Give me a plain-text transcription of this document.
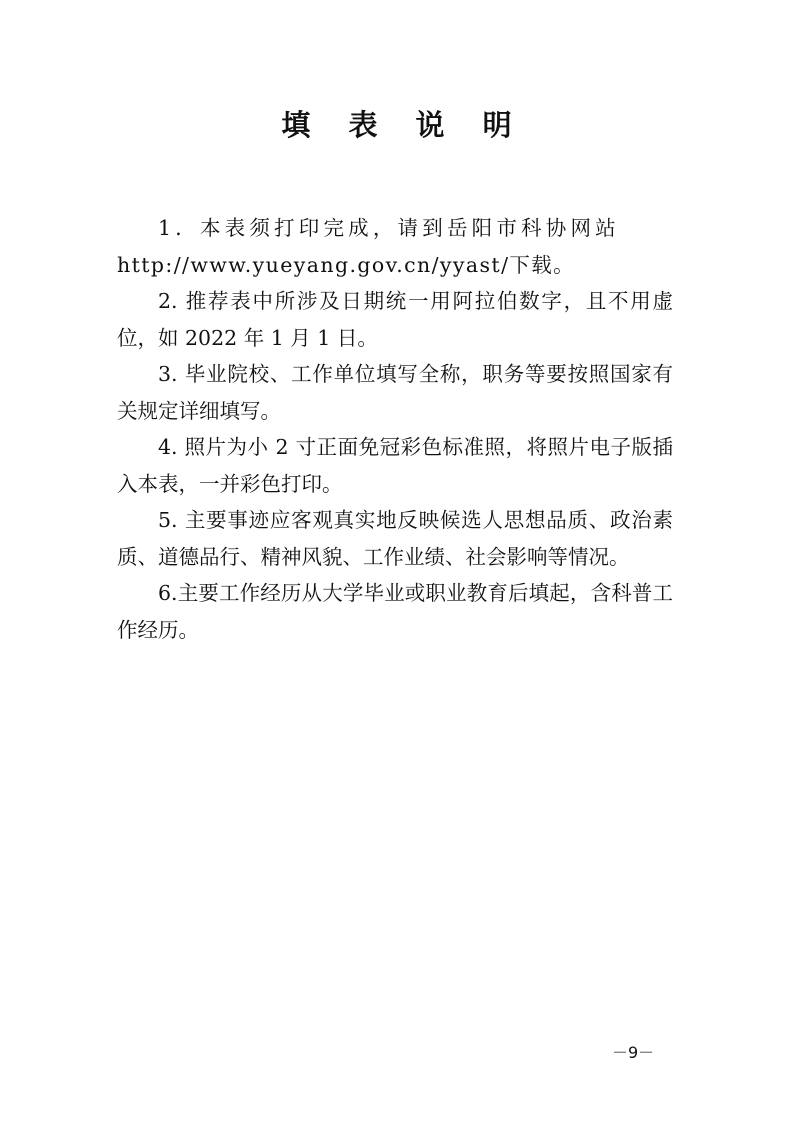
填 表 说 明

1．本表须打印完成，请到岳阳市科协网站
http://www.yueyang.gov.cn/yyast/下载。

2. 推荐表中所涉及日期统一用阿拉伯数字，且不用虚位，如 2022 年 1 月 1 日。

3. 毕业院校、工作单位填写全称，职务等要按照国家有关规定详细填写。

4. 照片为小 2 寸正面免冠彩色标准照，将照片电子版插入本表，一并彩色打印。

5. 主要事迹应客观真实地反映候选人思想品质、政治素质、道德品行、精神风貌、工作业绩、社会影响等情况。

6.主要工作经历从大学毕业或职业教育后填起，含科普工作经历。

－9－
